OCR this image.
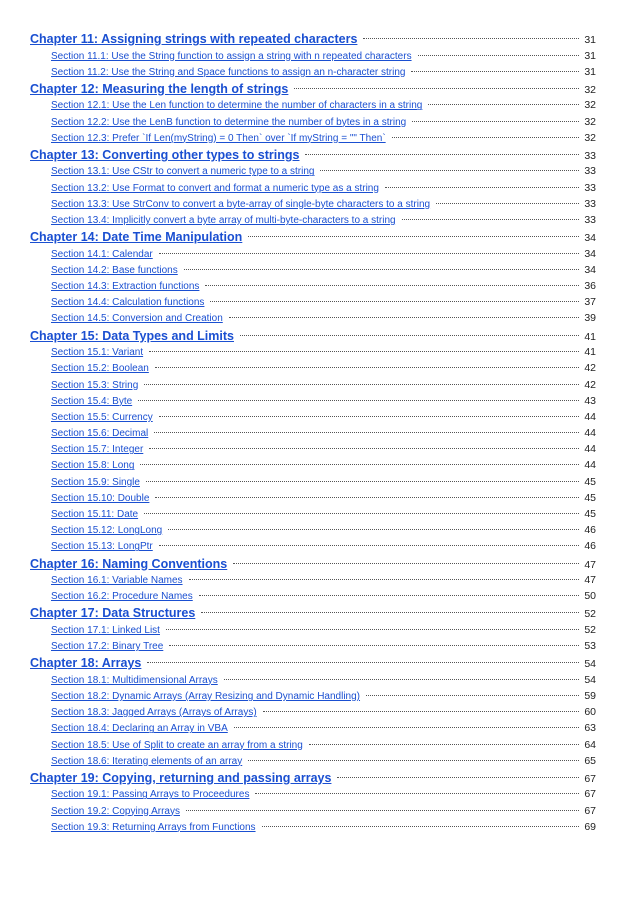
Chapter 11: Assigning strings with repeated characters	31
Section 11.1: Use the String function to assign a string with n repeated characters	31
Section 11.2: Use the String and Space functions to assign an n-character string	31
Chapter 12: Measuring the length of strings	32
Section 12.1: Use the Len function to determine the number of characters in a string	32
Section 12.2: Use the LenB function to determine the number of bytes in a string	32
Section 12.3: Prefer `If Len(myString) = 0 Then` over `If myString = "" Then`	32
Chapter 13: Converting other types to strings	33
Section 13.1: Use CStr to convert a numeric type to a string	33
Section 13.2: Use Format to convert and format a numeric type as a string	33
Section 13.3: Use StrConv to convert a byte-array of single-byte characters to a string	33
Section 13.4: Implicitly convert a byte array of multi-byte-characters to a string	33
Chapter 14: Date Time Manipulation	34
Section 14.1: Calendar	34
Section 14.2: Base functions	34
Section 14.3: Extraction functions	36
Section 14.4: Calculation functions	37
Section 14.5: Conversion and Creation	39
Chapter 15: Data Types and Limits	41
Section 15.1: Variant	41
Section 15.2: Boolean	42
Section 15.3: String	42
Section 15.4: Byte	43
Section 15.5: Currency	44
Section 15.6: Decimal	44
Section 15.7: Integer	44
Section 15.8: Long	44
Section 15.9: Single	45
Section 15.10: Double	45
Section 15.11: Date	45
Section 15.12: LongLong	46
Section 15.13: LongPtr	46
Chapter 16: Naming Conventions	47
Section 16.1: Variable Names	47
Section 16.2: Procedure Names	50
Chapter 17: Data Structures	52
Section 17.1: Linked List	52
Section 17.2: Binary Tree	53
Chapter 18: Arrays	54
Section 18.1: Multidimensional Arrays	54
Section 18.2: Dynamic Arrays (Array Resizing and Dynamic Handling)	59
Section 18.3: Jagged Arrays (Arrays of Arrays)	60
Section 18.4: Declaring an Array in VBA	63
Section 18.5: Use of Split to create an array from a string	64
Section 18.6: Iterating elements of an array	65
Chapter 19: Copying, returning and passing arrays	67
Section 19.1: Passing Arrays to Proceedures	67
Section 19.2: Copying Arrays	67
Section 19.3: Returning Arrays from Functions	69
